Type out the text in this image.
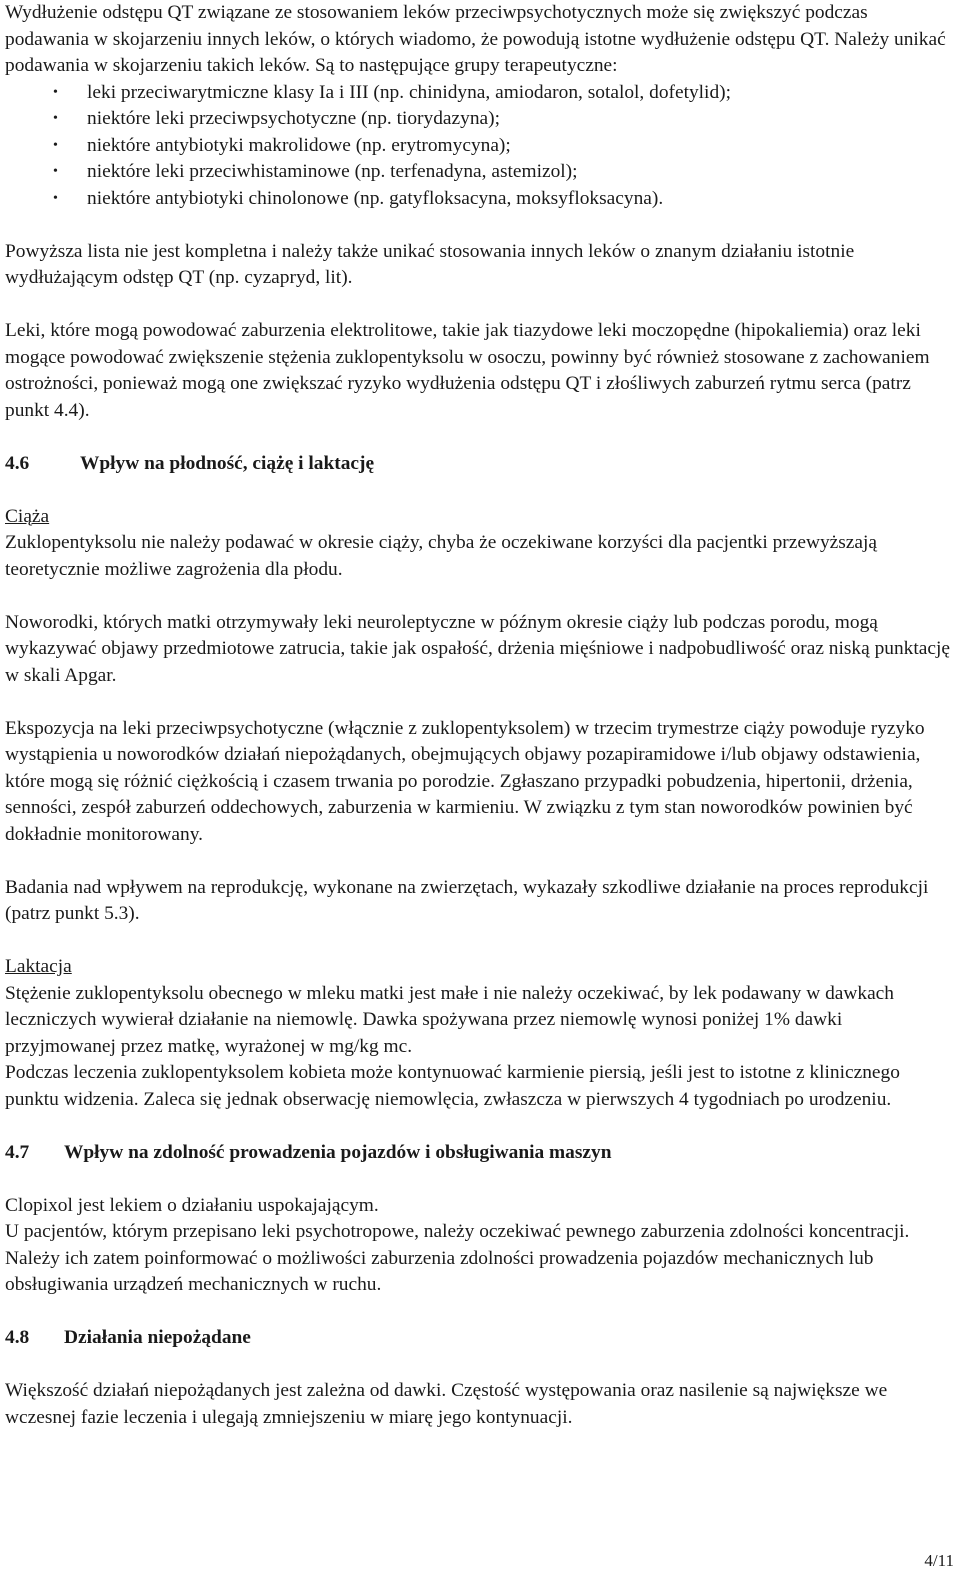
Wydłużenie odstępu QT związane ze stosowaniem leków przeciwpsychotycznych może się zwiększyć podczas podawania w skojarzeniu innych leków, o których wiadomo, że powodują istotne wydłużenie odstępu QT. Należy unikać podawania w skojarzeniu takich leków. Są to następujące grupy terapeutyczne:

• leki przeciwarytmiczne klasy Ia i III (np. chinidyna, amiodaron, sotalol, dofetylid);
• niektóre leki przeciwpsychotyczne (np. tiorydazyna);
• niektóre antybiotyki makrolidowe (np. erytromycyna);
• niektóre leki przeciwhistaminowe (np. terfenadyna, astemizol);
• niektóre antybiotyki chinolonowe (np. gatyfloksacyna, moksyfloksacyna).

Powyższa lista nie jest kompletna i należy także unikać stosowania innych leków o znanym działaniu istotnie wydłużającym odstęp QT (np. cyzapryd, lit).

Leki, które mogą powodować zaburzenia elektrolitowe, takie jak tiazydowe leki moczopędne (hipokaliemia) oraz leki mogące powodować zwiększenie stężenia zuklopentyksolu w osoczu, powinny być również stosowane z zachowaniem ostrożności, ponieważ mogą one zwiększać ryzyko wydłużenia odstępu QT i złośliwych zaburzeń rytmu serca (patrz punkt 4.4).

4.6	Wpływ na płodność, ciążę i laktację

Ciąża

Zuklopentyksolu nie należy podawać w okresie ciąży, chyba że oczekiwane korzyści dla pacjentki przewyższają teoretycznie możliwe zagrożenia dla płodu.

Noworodki, których matki otrzymywały leki neuroleptyczne w późnym okresie ciąży lub podczas porodu, mogą wykazywać objawy przedmiotowe zatrucia, takie jak ospałość, drżenia mięśniowe i nadpobudliwość oraz niską punktację w skali Apgar.

Ekspozycja na leki przeciwpsychotyczne (włącznie z zuklopentyksolem) w trzecim trymestrze ciąży powoduje ryzyko wystąpienia u noworodków działań niepożądanych, obejmujących objawy pozapiramidowe i/lub objawy odstawienia, które mogą się różnić ciężkością i czasem trwania po porodzie. Zgłaszano przypadki pobudzenia, hipertonii, drżenia, senności, zespół zaburzeń oddechowych, zaburzenia w karmieniu. W związku z tym stan noworodków powinien być dokładnie monitorowany.

Badania nad wpływem na reprodukcję, wykonane na zwierzętach, wykazały szkodliwe działanie na proces reprodukcji (patrz punkt 5.3).

Laktacja

Stężenie zuklopentyksolu obecnego w mleku matki jest małe i nie należy oczekiwać, by lek podawany w dawkach leczniczych wywierał działanie na niemowlę. Dawka spożywana przez niemowlę wynosi poniżej 1% dawki przyjmowanej przez matkę, wyrażonej w mg/kg mc.

Podczas leczenia zuklopentyksolem kobieta może kontynuować karmienie piersią, jeśli jest to istotne z klinicznego punktu widzenia. Zaleca się jednak obserwację niemowlęcia, zwłaszcza w pierwszych 4 tygodniach po urodzeniu.

4.7	Wpływ na zdolność prowadzenia pojazdów i obsługiwania maszyn

Clopixol jest lekiem o działaniu uspokajającym.

U pacjentów, którym przepisano leki psychotropowe, należy oczekiwać pewnego zaburzenia zdolności koncentracji. Należy ich zatem poinformować o możliwości zaburzenia zdolności prowadzenia pojazdów mechanicznych lub obsługiwania urządzeń mechanicznych w ruchu.

4.8	Działania niepożądane

Większość działań niepożądanych jest zależna od dawki. Częstość występowania oraz nasilenie są największe we wczesnej fazie leczenia i ulegają zmniejszeniu w miarę jego kontynuacji.

4/11
